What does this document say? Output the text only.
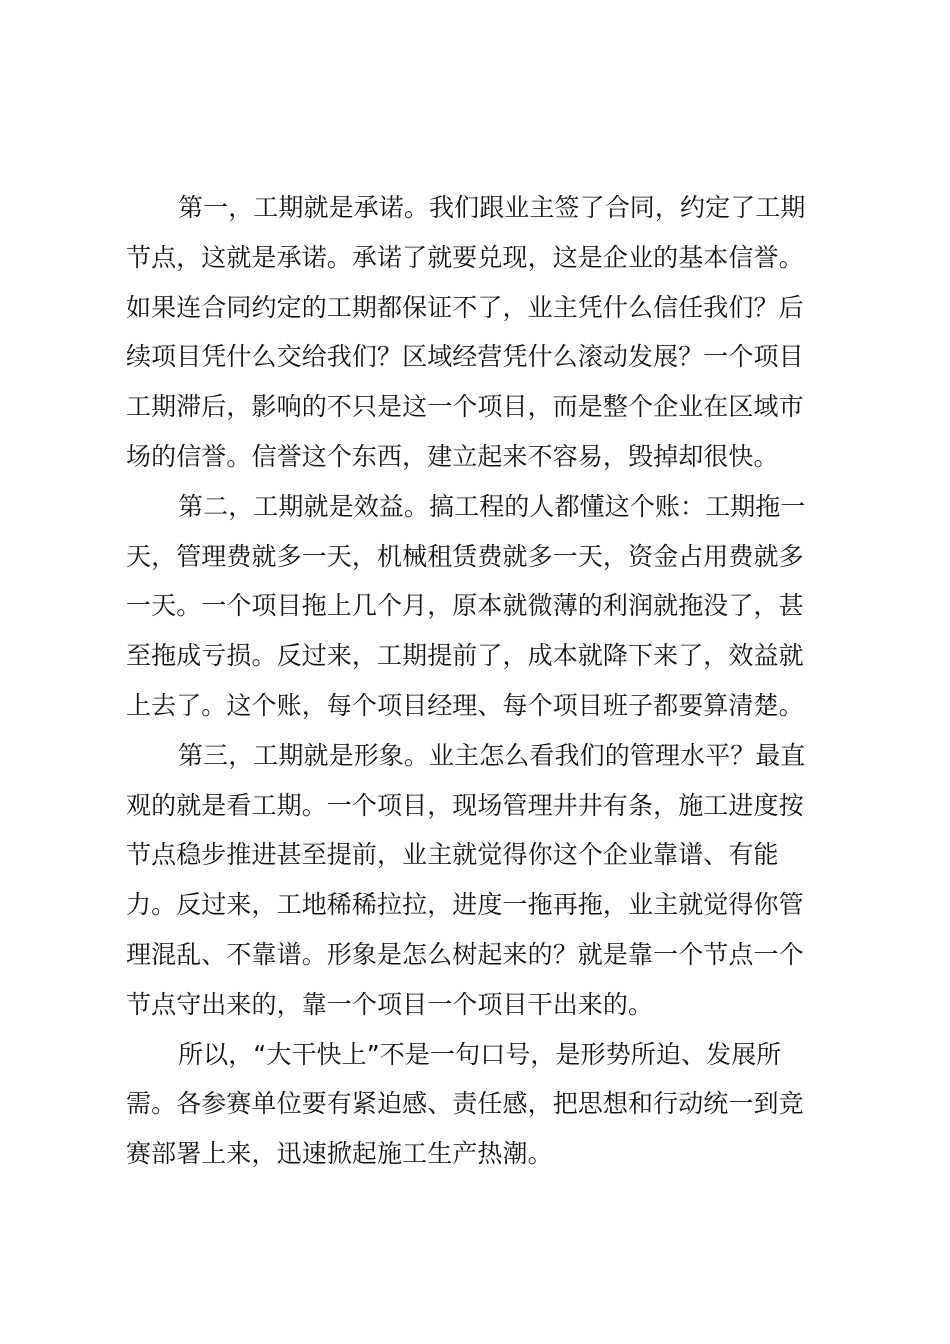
第一，工期就是承诺。我们跟业主签了合同，约定了工期
节点，这就是承诺。承诺了就要兑现，这是企业的基本信誉。
如果连合同约定的工期都保证不了，业主凭什么信任我们？后
续项目凭什么交给我们？区域经营凭什么滚动发展？一个项目
工期滞后，影响的不只是这一个项目，而是整个企业在区域市
场的信誉。信誉这个东西，建立起来不容易，毁掉却很快。
第二，工期就是效益。搞工程的人都懂这个账：工期拖一
天，管理费就多一天，机械租赁费就多一天，资金占用费就多
一天。一个项目拖上几个月，原本就微薄的利润就拖没了，甚
至拖成亏损。反过来，工期提前了，成本就降下来了，效益就
上去了。这个账，每个项目经理、每个项目班子都要算清楚。
第三，工期就是形象。业主怎么看我们的管理水平？最直
观的就是看工期。一个项目，现场管理井井有条，施工进度按
节点稳步推进甚至提前，业主就觉得你这个企业靠谱、有能
力。反过来，工地稀稀拉拉，进度一拖再拖，业主就觉得你管
理混乱、不靠谱。形象是怎么树起来的？就是靠一个节点一个
节点守出来的，靠一个项目一个项目干出来的。
所以，“大干快上”不是一句口号，是形势所迫、发展所
需。各参赛单位要有紧迫感、责任感，把思想和行动统一到竞
赛部署上来，迅速掀起施工生产热潮。
